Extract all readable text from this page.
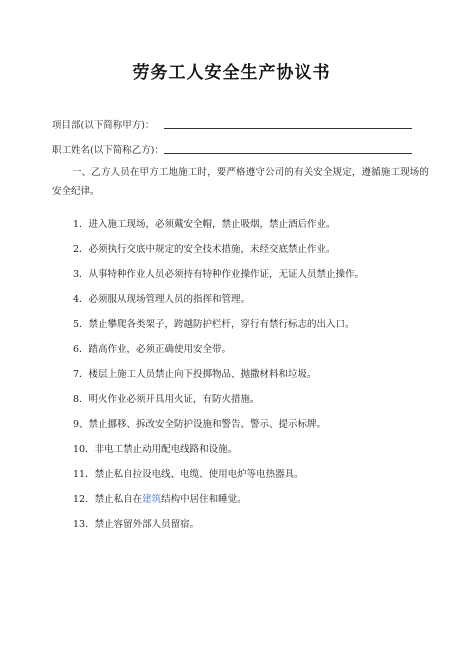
劳务工人安全生产协议书
项目部(以下简称甲方)：
职工姓名(以下简称乙方)：
一、乙方人员在甲方工地施工时，要严格遵守公司的有关安全规定，遵循施工现场的
安全纪律。
1．进入施工现场，必须戴安全帽，禁止吸烟，禁止酒后作业。
2．必须执行交底中规定的安全技术措施，未经交底禁止作业。
3．从事特种作业人员必须持有特种作业操作证，无证人员禁止操作。
4．必须服从现场管理人员的指挥和管理。
5．禁止攀爬各类架子，跨越防护栏杆，穿行有禁行标志的出入口。
6．踏高作业，必须正确使用安全带。
7．楼层上施工人员禁止向下投掷物品、抛撒材料和垃圾。
8．明火作业必须开具用火证，有防火措施。
9、禁止挪移、拆改安全防护设施和警告、警示、提示标牌。
10．非电工禁止动用配电线路和设施。
11．禁止私自拉设电线、电缆、使用电炉等电热器具。
12．禁止私自在建筑结构中居住和睡觉。
13．禁止容留外部人员留宿。
